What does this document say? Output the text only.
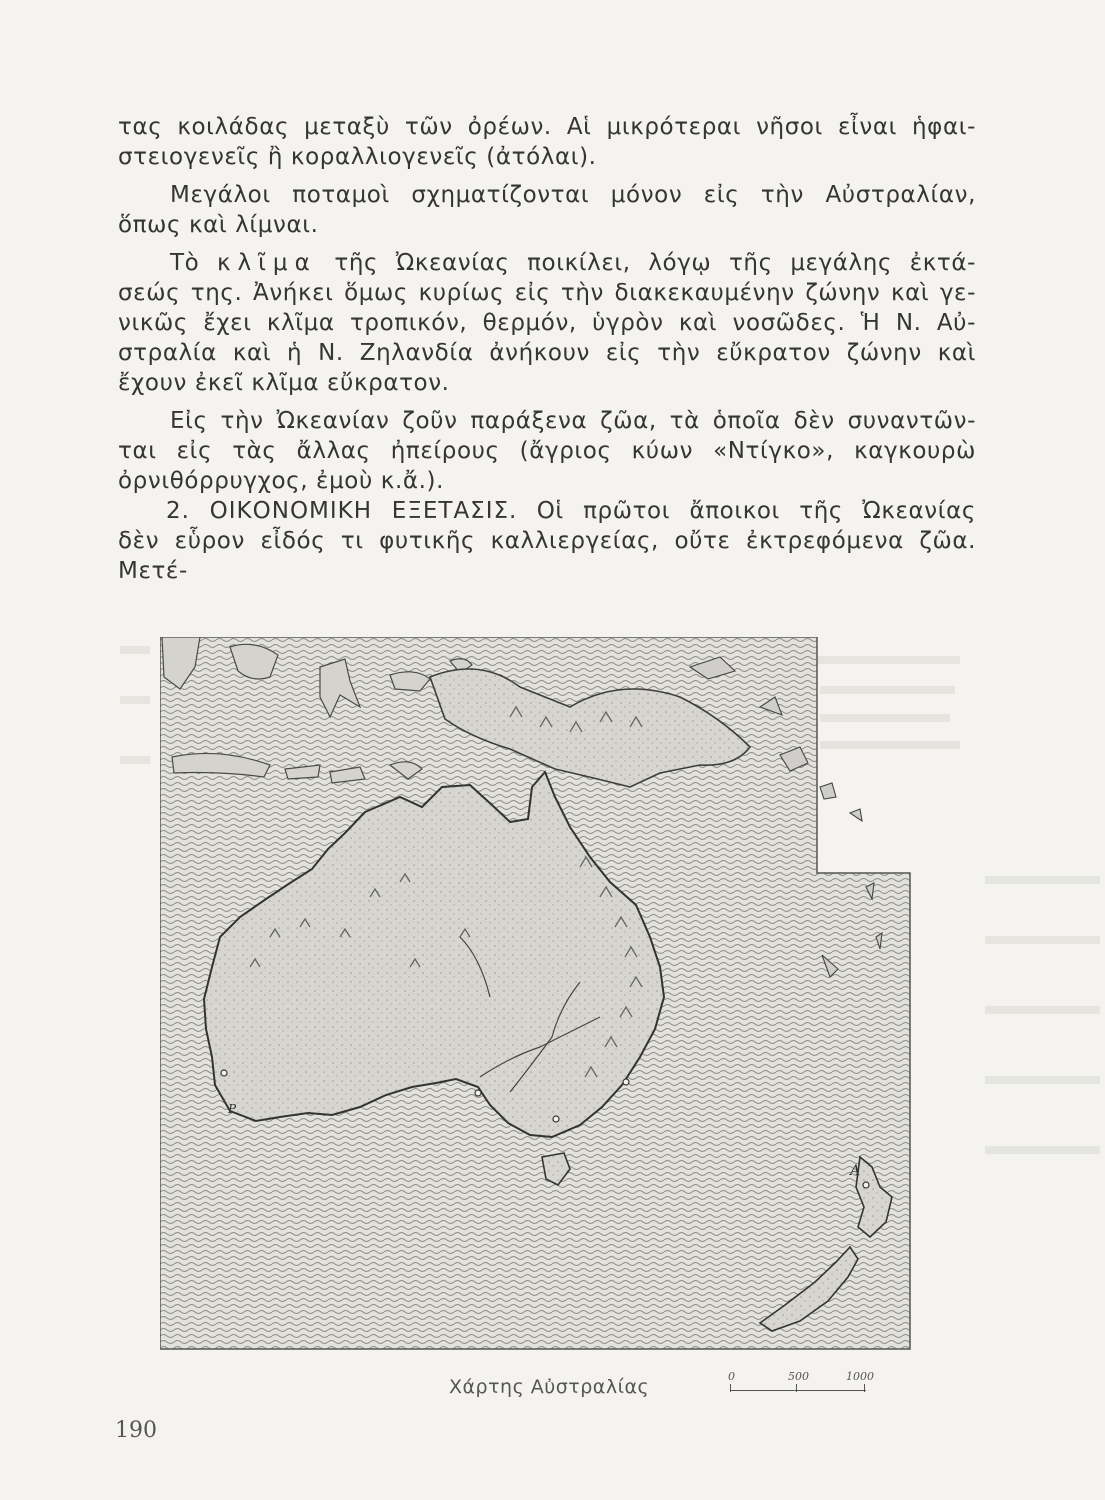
τας κοιλάδας μεταξὺ τῶν ὀρέων. Αἱ μικρότεραι νῆσοι εἶναι ἡφαι-

στειογενεῖς ἢ κοραλλιογενεῖς (ἀτόλαι).

Μεγάλοι ποταμοὶ σχηματίζονται μόνον εἰς τὴν Αὐστραλίαν,

ὅπως καὶ λίμναι.

Τὸ κλῖμα τῆς Ὠκεανίας ποικίλει, λόγῳ τῆς μεγάλης ἐκτά-

σεώς της. Ἀνήκει ὅμως κυρίως εἰς τὴν διακεκαυμένην ζώνην καὶ γε-

νικῶς ἔχει κλῖμα τροπικόν, θερμόν, ὑγρὸν καὶ νοσῶδες. Ἡ Ν. Αὐ-

στραλία καὶ ἡ Ν. Ζηλανδία ἀνήκουν εἰς τὴν εὔκρατον ζώνην καὶ

ἔχουν ἐκεῖ κλῖμα εὔκρατον.

Εἰς τὴν Ὠκεανίαν ζοῦν παράξενα ζῶα, τὰ ὁποῖα δὲν συναντῶν-

ται εἰς τὰς ἄλλας ἠπείρους (ἄγριος κύων «Ντίγκο», καγκουρὼ

ὀρνιθόρρυγχος, ἐμοὺ κ.ἄ.).

2. ΟΙΚΟΝΟΜΙΚΗ ΕΞΕΤΑΣΙΣ. Οἱ πρῶτοι ἄποικοι τῆς Ὠκεανίας

δὲν εὗρον εἶδός τι φυτικῆς καλλιεργείας, οὔτε ἐκτρεφόμενα ζῶα. Μετέ-

A
P
Χάρτης Αὐστραλίας	0	500	1000
190
